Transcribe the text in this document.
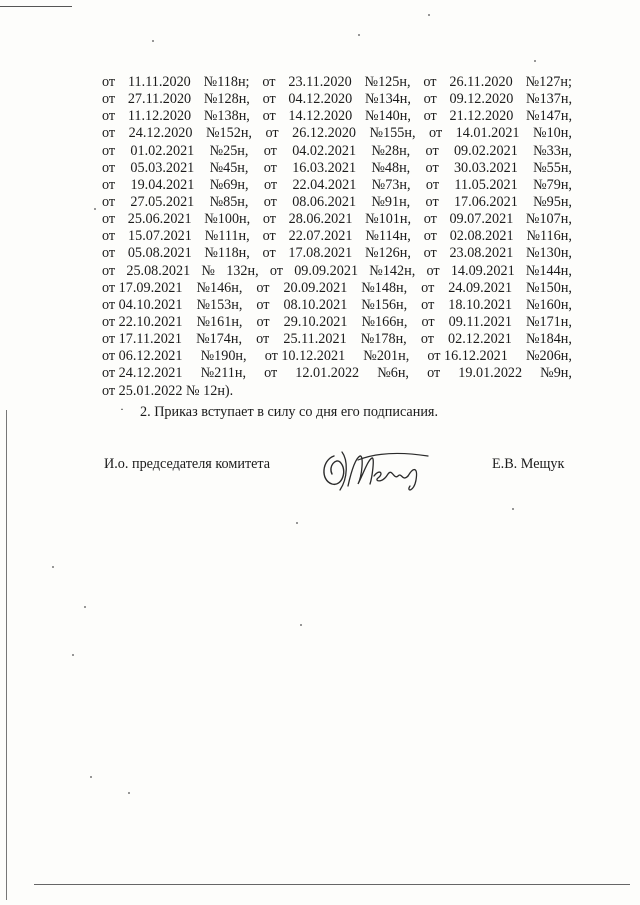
от 11.11.2020 №118н; от 23.11.2020 №125н, от 26.11.2020 №127н;
от 27.11.2020 №128н, от 04.12.2020 №134н, от 09.12.2020 №137н,
от 11.12.2020 №138н, от 14.12.2020 №140н, от 21.12.2020 №147н,
от 24.12.2020 №152н, от 26.12.2020 №155н, от 14.01.2021 №10н,
от 01.02.2021 №25н, от 04.02.2021 №28н, от 09.02.2021 №33н,
от 05.03.2021 №45н, от 16.03.2021 №48н, от 30.03.2021 №55н,
от 19.04.2021 №69н, от 22.04.2021 №73н, от 11.05.2021 №79н,
от 27.05.2021 №85н, от 08.06.2021 №91н, от 17.06.2021 №95н,
от 25.06.2021 №100н, от 28.06.2021 №101н, от 09.07.2021 №107н,
от 15.07.2021 №111н, от 22.07.2021 №114н, от 02.08.2021 №116н,
от 05.08.2021 №118н, от 17.08.2021 №126н, от 23.08.2021 №130н,
от 25.08.2021 № 132н, от 09.09.2021 №142н, от 14.09.2021 №144н,
от 17.09.2021 №146н, от 20.09.2021 №148н, от 24.09.2021 №150н,
от 04.10.2021 №153н, от 08.10.2021 №156н, от 18.10.2021 №160н,
от 22.10.2021 №161н, от 29.10.2021 №166н, от 09.11.2021 №171н,
от 17.11.2021 №174н, от 25.11.2021 №178н, от 02.12.2021 №184н,
от 06.12.2021 №190н, от 10.12.2021 №201н, от 16.12.2021 №206н,
от 24.12.2021 №211н, от 12.01.2022 №6н, от 19.01.2022 №9н,
от 25.01.2022 № 12н).
· 2. Приказ вступает в силу со дня его подписания.
И.о. председателя комитета	Е.В. Мещук
